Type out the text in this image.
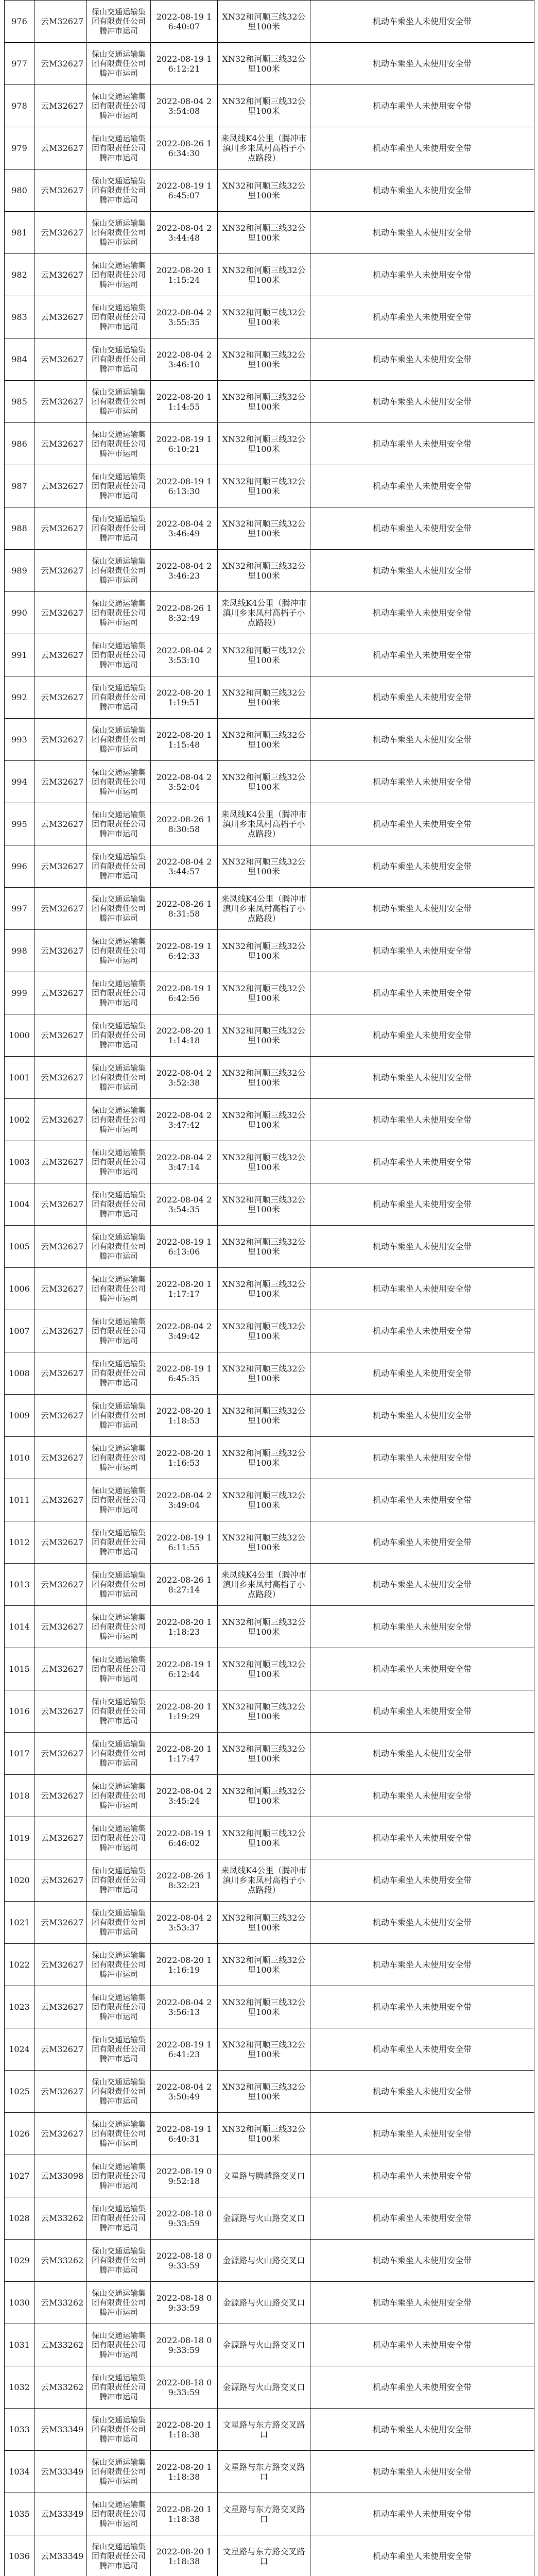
976	云M32627	保山交通运输集团有限责任公司腾冲市运司	2022-08-19 16:40:07	XN32和河顺三线32公里100米	机动车乘坐人未使用安全带
977	云M32627	保山交通运输集团有限责任公司腾冲市运司	2022-08-19 16:12:21	XN32和河顺三线32公里100米	机动车乘坐人未使用安全带
978	云M32627	保山交通运输集团有限责任公司腾冲市运司	2022-08-04 23:54:08	XN32和河顺三线32公里100米	机动车乘坐人未使用安全带
979	云M32627	保山交通运输集团有限责任公司腾冲市运司	2022-08-26 16:34:30	来凤线K4公里（腾冲市滇川乡来凤村高档子小点路段）	机动车乘坐人未使用安全带
980	云M32627	保山交通运输集团有限责任公司腾冲市运司	2022-08-19 16:45:07	XN32和河顺三线32公里100米	机动车乘坐人未使用安全带
981	云M32627	保山交通运输集团有限责任公司腾冲市运司	2022-08-04 23:44:48	XN32和河顺三线32公里100米	机动车乘坐人未使用安全带
982	云M32627	保山交通运输集团有限责任公司腾冲市运司	2022-08-20 11:15:24	XN32和河顺三线32公里100米	机动车乘坐人未使用安全带
983	云M32627	保山交通运输集团有限责任公司腾冲市运司	2022-08-04 23:55:35	XN32和河顺三线32公里100米	机动车乘坐人未使用安全带
984	云M32627	保山交通运输集团有限责任公司腾冲市运司	2022-08-04 23:46:10	XN32和河顺三线32公里100米	机动车乘坐人未使用安全带
985	云M32627	保山交通运输集团有限责任公司腾冲市运司	2022-08-20 11:14:55	XN32和河顺三线32公里100米	机动车乘坐人未使用安全带
986	云M32627	保山交通运输集团有限责任公司腾冲市运司	2022-08-19 16:10:21	XN32和河顺三线32公里100米	机动车乘坐人未使用安全带
987	云M32627	保山交通运输集团有限责任公司腾冲市运司	2022-08-19 16:13:30	XN32和河顺三线32公里100米	机动车乘坐人未使用安全带
988	云M32627	保山交通运输集团有限责任公司腾冲市运司	2022-08-04 23:46:49	XN32和河顺三线32公里100米	机动车乘坐人未使用安全带
989	云M32627	保山交通运输集团有限责任公司腾冲市运司	2022-08-04 23:46:23	XN32和河顺三线32公里100米	机动车乘坐人未使用安全带
990	云M32627	保山交通运输集团有限责任公司腾冲市运司	2022-08-26 18:32:49	来凤线K4公里（腾冲市滇川乡来凤村高档子小点路段）	机动车乘坐人未使用安全带
991	云M32627	保山交通运输集团有限责任公司腾冲市运司	2022-08-04 23:53:10	XN32和河顺三线32公里100米	机动车乘坐人未使用安全带
992	云M32627	保山交通运输集团有限责任公司腾冲市运司	2022-08-20 11:19:51	XN32和河顺三线32公里100米	机动车乘坐人未使用安全带
993	云M32627	保山交通运输集团有限责任公司腾冲市运司	2022-08-20 11:15:48	XN32和河顺三线32公里100米	机动车乘坐人未使用安全带
994	云M32627	保山交通运输集团有限责任公司腾冲市运司	2022-08-04 23:52:04	XN32和河顺三线32公里100米	机动车乘坐人未使用安全带
995	云M32627	保山交通运输集团有限责任公司腾冲市运司	2022-08-26 18:30:58	来凤线K4公里（腾冲市滇川乡来凤村高档子小点路段）	机动车乘坐人未使用安全带
996	云M32627	保山交通运输集团有限责任公司腾冲市运司	2022-08-04 23:44:57	XN32和河顺三线32公里100米	机动车乘坐人未使用安全带
997	云M32627	保山交通运输集团有限责任公司腾冲市运司	2022-08-26 18:31:58	来凤线K4公里（腾冲市滇川乡来凤村高档子小点路段）	机动车乘坐人未使用安全带
998	云M32627	保山交通运输集团有限责任公司腾冲市运司	2022-08-19 16:42:33	XN32和河顺三线32公里100米	机动车乘坐人未使用安全带
999	云M32627	保山交通运输集团有限责任公司腾冲市运司	2022-08-19 16:42:56	XN32和河顺三线32公里100米	机动车乘坐人未使用安全带
1000	云M32627	保山交通运输集团有限责任公司腾冲市运司	2022-08-20 11:14:18	XN32和河顺三线32公里100米	机动车乘坐人未使用安全带
1001	云M32627	保山交通运输集团有限责任公司腾冲市运司	2022-08-04 23:52:38	XN32和河顺三线32公里100米	机动车乘坐人未使用安全带
1002	云M32627	保山交通运输集团有限责任公司腾冲市运司	2022-08-04 23:47:42	XN32和河顺三线32公里100米	机动车乘坐人未使用安全带
1003	云M32627	保山交通运输集团有限责任公司腾冲市运司	2022-08-04 23:47:14	XN32和河顺三线32公里100米	机动车乘坐人未使用安全带
1004	云M32627	保山交通运输集团有限责任公司腾冲市运司	2022-08-04 23:54:35	XN32和河顺三线32公里100米	机动车乘坐人未使用安全带
1005	云M32627	保山交通运输集团有限责任公司腾冲市运司	2022-08-19 16:13:06	XN32和河顺三线32公里100米	机动车乘坐人未使用安全带
1006	云M32627	保山交通运输集团有限责任公司腾冲市运司	2022-08-20 11:17:17	XN32和河顺三线32公里100米	机动车乘坐人未使用安全带
1007	云M32627	保山交通运输集团有限责任公司腾冲市运司	2022-08-04 23:49:42	XN32和河顺三线32公里100米	机动车乘坐人未使用安全带
1008	云M32627	保山交通运输集团有限责任公司腾冲市运司	2022-08-19 16:45:35	XN32和河顺三线32公里100米	机动车乘坐人未使用安全带
1009	云M32627	保山交通运输集团有限责任公司腾冲市运司	2022-08-20 11:18:53	XN32和河顺三线32公里100米	机动车乘坐人未使用安全带
1010	云M32627	保山交通运输集团有限责任公司腾冲市运司	2022-08-20 11:16:53	XN32和河顺三线32公里100米	机动车乘坐人未使用安全带
1011	云M32627	保山交通运输集团有限责任公司腾冲市运司	2022-08-04 23:49:04	XN32和河顺三线32公里100米	机动车乘坐人未使用安全带
1012	云M32627	保山交通运输集团有限责任公司腾冲市运司	2022-08-19 16:11:55	XN32和河顺三线32公里100米	机动车乘坐人未使用安全带
1013	云M32627	保山交通运输集团有限责任公司腾冲市运司	2022-08-26 18:27:14	来凤线K4公里（腾冲市滇川乡来凤村高档子小点路段）	机动车乘坐人未使用安全带
1014	云M32627	保山交通运输集团有限责任公司腾冲市运司	2022-08-20 11:18:23	XN32和河顺三线32公里100米	机动车乘坐人未使用安全带
1015	云M32627	保山交通运输集团有限责任公司腾冲市运司	2022-08-19 16:12:44	XN32和河顺三线32公里100米	机动车乘坐人未使用安全带
1016	云M32627	保山交通运输集团有限责任公司腾冲市运司	2022-08-20 11:19:29	XN32和河顺三线32公里100米	机动车乘坐人未使用安全带
1017	云M32627	保山交通运输集团有限责任公司腾冲市运司	2022-08-20 11:17:47	XN32和河顺三线32公里100米	机动车乘坐人未使用安全带
1018	云M32627	保山交通运输集团有限责任公司腾冲市运司	2022-08-04 23:45:24	XN32和河顺三线32公里100米	机动车乘坐人未使用安全带
1019	云M32627	保山交通运输集团有限责任公司腾冲市运司	2022-08-19 16:46:02	XN32和河顺三线32公里100米	机动车乘坐人未使用安全带
1020	云M32627	保山交通运输集团有限责任公司腾冲市运司	2022-08-26 18:32:23	来凤线K4公里（腾冲市滇川乡来凤村高档子小点路段）	机动车乘坐人未使用安全带
1021	云M32627	保山交通运输集团有限责任公司腾冲市运司	2022-08-04 23:53:37	XN32和河顺三线32公里100米	机动车乘坐人未使用安全带
1022	云M32627	保山交通运输集团有限责任公司腾冲市运司	2022-08-20 11:16:19	XN32和河顺三线32公里100米	机动车乘坐人未使用安全带
1023	云M32627	保山交通运输集团有限责任公司腾冲市运司	2022-08-04 23:56:13	XN32和河顺三线32公里100米	机动车乘坐人未使用安全带
1024	云M32627	保山交通运输集团有限责任公司腾冲市运司	2022-08-19 16:41:23	XN32和河顺三线32公里100米	机动车乘坐人未使用安全带
1025	云M32627	保山交通运输集团有限责任公司腾冲市运司	2022-08-04 23:50:49	XN32和河顺三线32公里100米	机动车乘坐人未使用安全带
1026	云M32627	保山交通运输集团有限责任公司腾冲市运司	2022-08-19 16:40:31	XN32和河顺三线32公里100米	机动车乘坐人未使用安全带
1027	云M33098	保山交通运输集团有限责任公司腾冲市运司	2022-08-19 09:52:18	文星路与腾越路交叉口	机动车乘坐人未使用安全带
1028	云M33262	保山交通运输集团有限责任公司腾冲市运司	2022-08-18 09:33:59	金源路与火山路交叉口	机动车乘坐人未使用安全带
1029	云M33262	保山交通运输集团有限责任公司腾冲市运司	2022-08-18 09:33:59	金源路与火山路交叉口	机动车乘坐人未使用安全带
1030	云M33262	保山交通运输集团有限责任公司腾冲市运司	2022-08-18 09:33:59	金源路与火山路交叉口	机动车乘坐人未使用安全带
1031	云M33262	保山交通运输集团有限责任公司腾冲市运司	2022-08-18 09:33:59	金源路与火山路交叉口	机动车乘坐人未使用安全带
1032	云M33262	保山交通运输集团有限责任公司腾冲市运司	2022-08-18 09:33:59	金源路与火山路交叉口	机动车乘坐人未使用安全带
1033	云M33349	保山交通运输集团有限责任公司腾冲市运司	2022-08-20 11:18:38	文星路与东方路交叉路口	机动车乘坐人未使用安全带
1034	云M33349	保山交通运输集团有限责任公司腾冲市运司	2022-08-20 11:18:38	文星路与东方路交叉路口	机动车乘坐人未使用安全带
1035	云M33349	保山交通运输集团有限责任公司腾冲市运司	2022-08-20 11:18:38	文星路与东方路交叉路口	机动车乘坐人未使用安全带
1036	云M33349	保山交通运输集团有限责任公司腾冲市运司	2022-08-20 11:18:38	文星路与东方路交叉路口	机动车乘坐人未使用安全带
